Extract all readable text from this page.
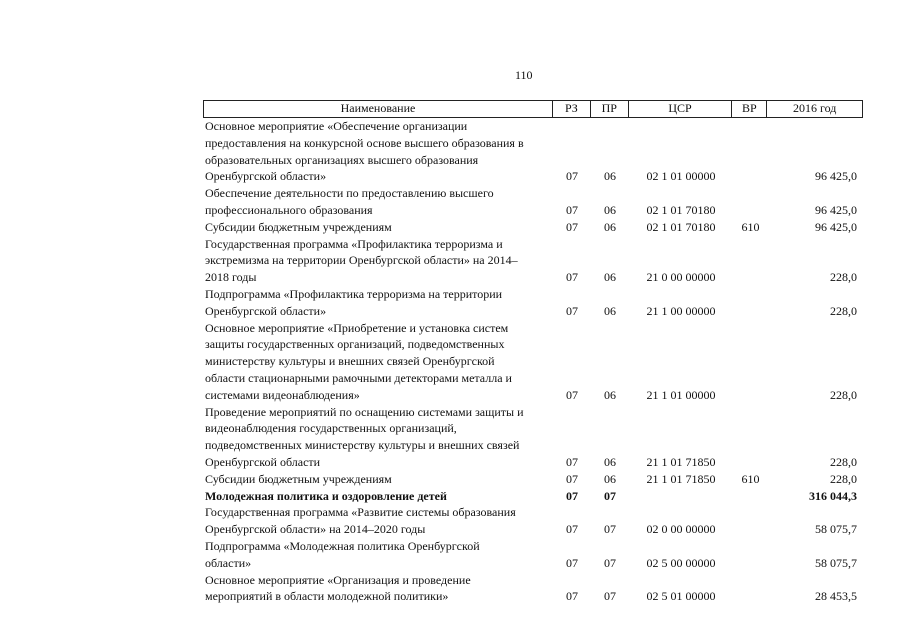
110
Наименование	РЗ	ПР	ЦСР	ВР	2016 год
Основное мероприятие «Обеспечение организации
предоставления на конкурсной основе высшего образования в
образовательных организациях высшего образования
Оренбургской области»	07	06	02 1 01 00000	96 425,0
Обеспечение деятельности по предоставлению высшего
профессионального образования	07	06	02 1 01 70180	96 425,0
Субсидии бюджетным учреждениям	07	06	02 1 01 70180	610	96 425,0
Государственная программа «Профилактика терроризма и
экстремизма на территории Оренбургской области» на 2014–
2018 годы	07	06	21 0 00 00000	228,0
Подпрограмма «Профилактика терроризма на территории
Оренбургской области»	07	06	21 1 00 00000	228,0
Основное мероприятие «Приобретение и установка систем
защиты государственных организаций, подведомственных
министерству культуры и внешних связей Оренбургской
области стационарными рамочными детекторами металла и
системами видеонаблюдения»	07	06	21 1 01 00000	228,0
Проведение мероприятий по оснащению системами защиты и
видеонаблюдения государственных организаций,
подведомственных министерству культуры и внешних связей
Оренбургской области	07	06	21 1 01 71850	228,0
Субсидии бюджетным учреждениям	07	06	21 1 01 71850	610	228,0
Молодежная политика и оздоровление детей	07	07	316 044,3
Государственная программа «Развитие системы образования
Оренбургской области» на 2014–2020 годы	07	07	02 0 00 00000	58 075,7
Подпрограмма «Молодежная политика Оренбургской
области»	07	07	02 5 00 00000	58 075,7
Основное мероприятие «Организация и проведение
мероприятий в области молодежной политики»	07	07	02 5 01 00000	28 453,5
